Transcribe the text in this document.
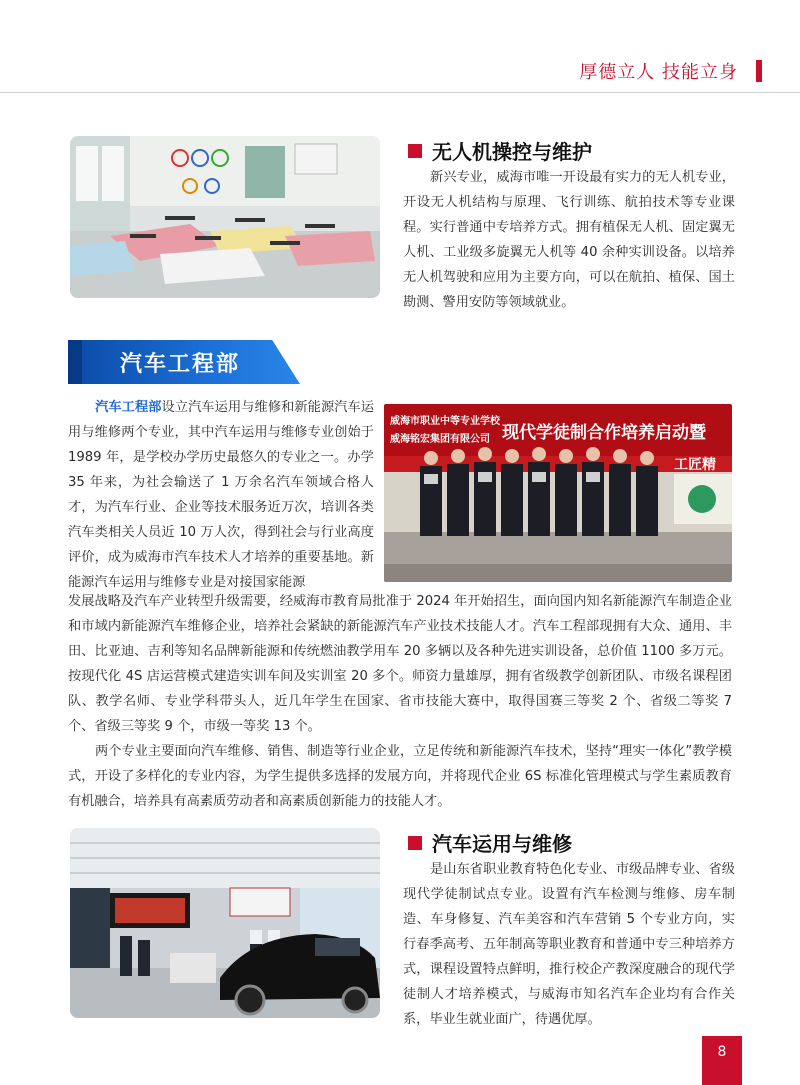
厚德立人 技能立身
无人机操控与维护
新兴专业，威海市唯一开设最有实力的无人机专业，开设无人机结构与原理、飞行训练、航拍技术等专业课程。实行普通中专培养方式。拥有植保无人机、固定翼无人机、工业级多旋翼无人机等 40 余种实训设备。以培养无人机驾驶和应用为主要方向，可以在航拍、植保、国土勘测、警用安防等领域就业。
汽车工程部
汽车工程部设立汽车运用与维修和新能源汽车运用与维修两个专业，其中汽车运用与维修专业创始于 1989 年，是学校办学历史最悠久的专业之一。办学 35 年来，为社会输送了 1 万余名汽车领域合格人才，为汽车行业、企业等技术服务近万次，培训各类汽车类相关人员近 10 万人次，得到社会与行业高度评价，成为威海市汽车技术人才培养的重要基地。新能源汽车运用与维修专业是对接国家能源
威海市职业中等专业学校
威海铭宏集团有限公司 现代学徒制合作培养启动暨
工匠精
发展战略及汽车产业转型升级需要，经威海市教育局批准于 2024 年开始招生，面向国内知名新能源汽车制造企业和市域内新能源汽车维修企业，培养社会紧缺的新能源汽车产业技术技能人才。汽车工程部现拥有大众、通用、丰田、比亚迪、吉利等知名品牌新能源和传统燃油教学用车 20 多辆以及各种先进实训设备，总价值 1100 多万元。按现代化 4S 店运营模式建造实训车间及实训室 20 多个。师资力量雄厚，拥有省级教学创新团队、市级名课程团队、教学名师、专业学科带头人，近几年学生在国家、省市技能大赛中，取得国赛三等奖 2 个、省级二等奖 7 个、省级三等奖 9 个，市级一等奖 13 个。
两个专业主要面向汽车维修、销售、制造等行业企业，立足传统和新能源汽车技术，坚持“理实一体化”教学模式，开设了多样化的专业内容，为学生提供多选择的发展方向，并将现代企业 6S 标准化管理模式与学生素质教育有机融合，培养具有高素质劳动者和高素质创新能力的技能人才。
汽车运用与维修
是山东省职业教育特色化专业、市级品牌专业、省级现代学徒制试点专业。设置有汽车检测与维修、房车制造、车身修复、汽车美容和汽车营销 5 个专业方向，实行春季高考、五年制高等职业教育和普通中专三种培养方式，课程设置特点鲜明，推行校企产教深度融合的现代学徒制人才培养模式，与威海市知名汽车企业均有合作关系，毕业生就业面广，待遇优厚。
8
